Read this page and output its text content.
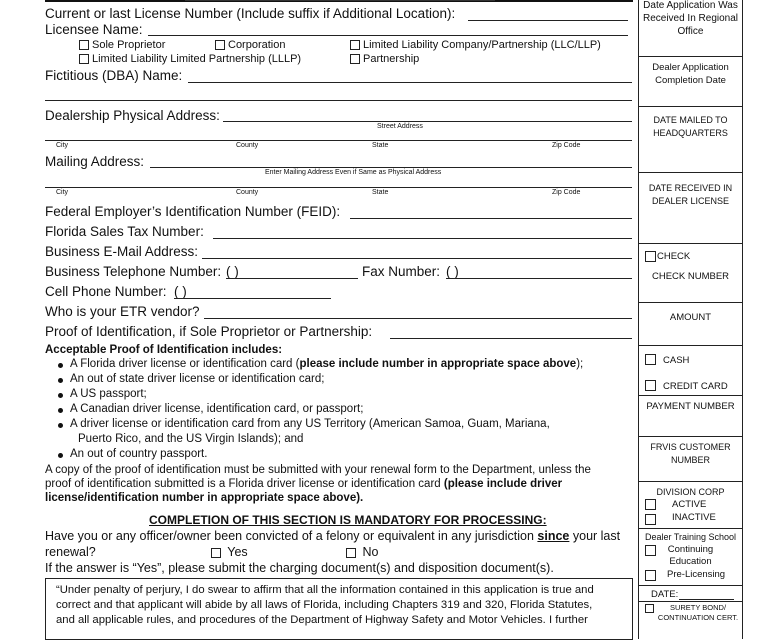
Current or last License Number (Include suffix if Additional Location):
Licensee Name:
Sole Proprietor	Corporation	Limited Liability Company/Partnership (LLC/LLP)
Limited Liability Limited Partnership (LLLP)	Partnership
Fictitious (DBA) Name:
Dealership Physical Address:
Street Address
City	County	State	Zip Code
Mailing Address:
Enter Mailing Address Even if Same as Physical Address
City	County	State	Zip Code
Federal Employer’s Identification Number (FEID):
Florida Sales Tax Number:
Business E-Mail Address:
Business Telephone Number: ( )	Fax Number: ( )
Cell Phone Number: ( )
Who is your ETR vendor?
Proof of Identification, if Sole Proprietor or Partnership:
Acceptable Proof of Identification includes:
A Florida driver license or identification card (please include number in appropriate space above);
An out of state driver license or identification card;
A US passport;
A Canadian driver license, identification card, or passport;
A driver license or identification card from any US Territory (American Samoa, Guam, Mariana,
Puerto Rico, and the US Virgin Islands); and
An out of country passport.
A copy of the proof of identification must be submitted with your renewal form to the Department, unless the
proof of identification submitted is a Florida driver license or identification card (please include driver
license/identification number in appropriate space above).
COMPLETION OF THIS SECTION IS MANDATORY FOR PROCESSING:
Have you or any officer/owner been convicted of a felony or equivalent in any jurisdiction since your last
renewal?	Yes	No
If the answer is “Yes”, please submit the charging document(s) and disposition document(s).
“Under penalty of perjury, I do swear to affirm that all the information contained in this application is true and
correct and that applicant will abide by all laws of Florida, including Chapters 319 and 320, Florida Statutes,
and all applicable rules, and procedures of the Department of Highway Safety and Motor Vehicles. I further
Date Application Was Received In Regional Office
Dealer Application Completion Date
DATE MAILED TO HEADQUARTERS
DATE RECEIVED IN DEALER LICENSE
CHECK
CHECK NUMBER
AMOUNT
CASH
CREDIT CARD
PAYMENT NUMBER
FRVIS CUSTOMER NUMBER
DIVISION CORP
ACTIVE
INACTIVE
Dealer Training School
Continuing Education
Pre-Licensing
DATE:
SURETY BOND/ CONTINUATION CERT.
